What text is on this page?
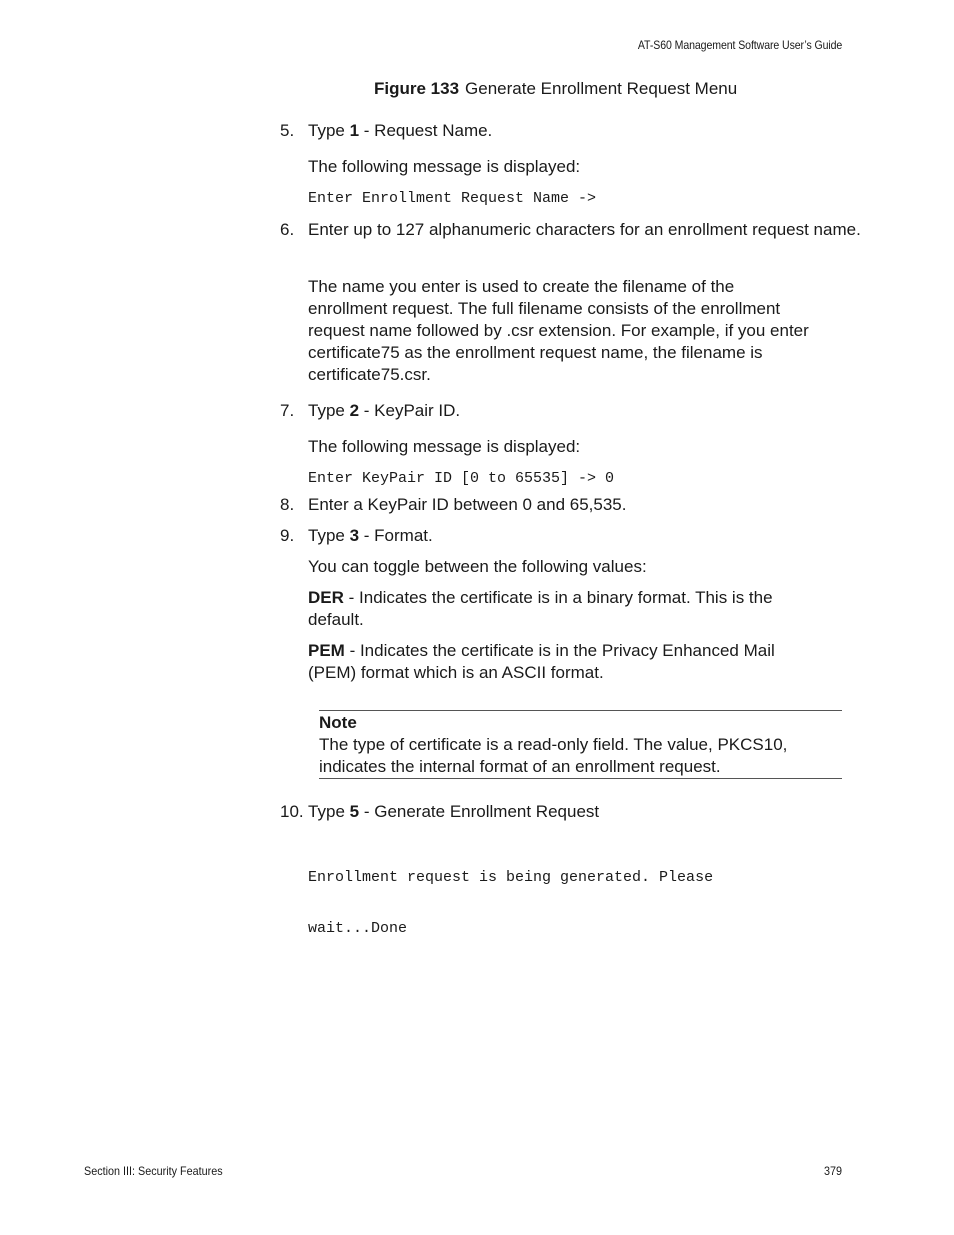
AT-S60 Management Software User’s Guide
Figure 133 Generate Enrollment Request Menu
5. Type 1 - Request Name.
The following message is displayed:
Enter Enrollment Request Name ->
6. Enter up to 127 alphanumeric characters for an enrollment request name.
The name you enter is used to create the filename of the enrollment request. The full filename consists of the enrollment request name followed by .csr extension. For example, if you enter certificate75 as the enrollment request name, the filename is certificate75.csr.
7. Type 2 - KeyPair ID.
The following message is displayed:
Enter KeyPair ID [0 to 65535] -> 0
8. Enter a KeyPair ID between 0 and 65,535.
9. Type 3 - Format.
You can toggle between the following values:
DER - Indicates the certificate is in a binary format. This is the default.
PEM - Indicates the certificate is in the Privacy Enhanced Mail (PEM) format which is an ASCII format.
Note
The type of certificate is a read-only field. The value, PKCS10, indicates the internal format of an enrollment request.
10. Type 5 - Generate Enrollment Request

Enrollment request is being generated. Please

wait...Done

Section III: Security Features	379
